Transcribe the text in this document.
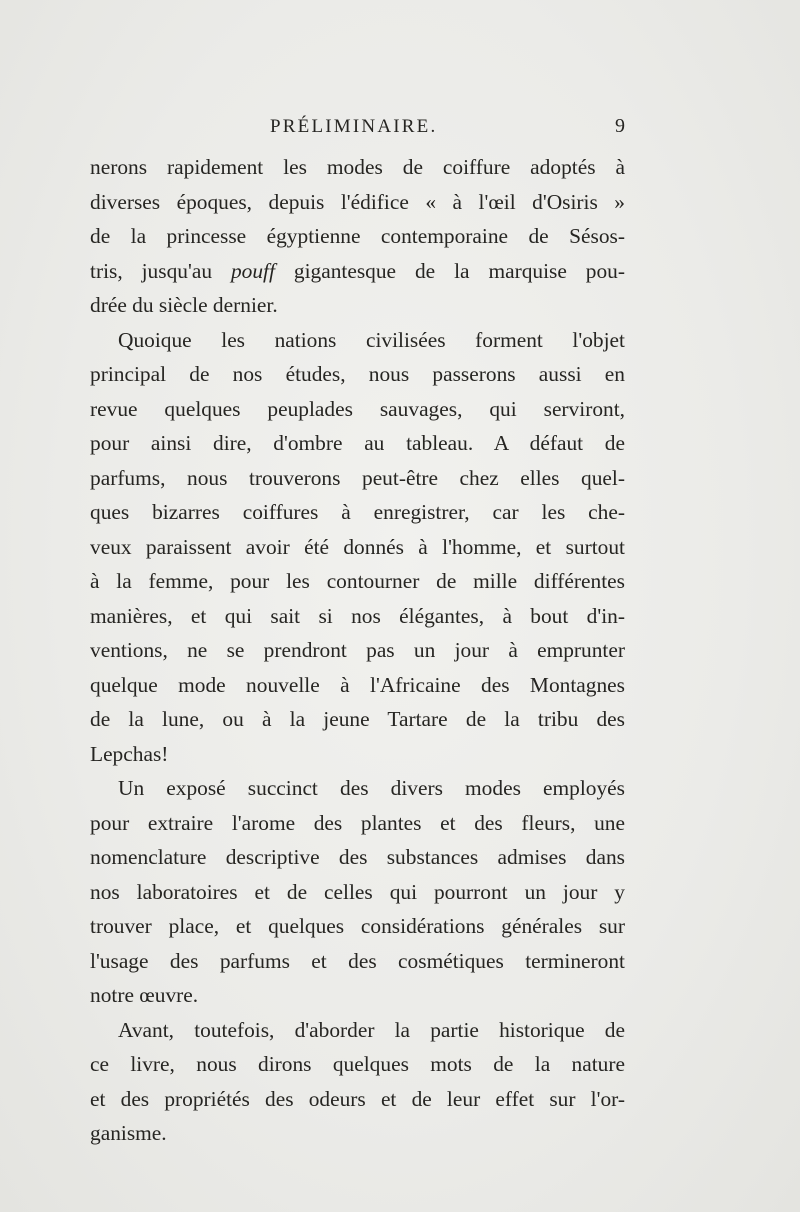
PRÉLIMINAIRE.	9
nerons rapidement les modes de coiffure adoptés à
diverses époques, depuis l'édifice « à l'œil d'Osiris »
de la princesse égyptienne contemporaine de Sésos-
tris, jusqu'au pouff gigantesque de la marquise pou-
drée du siècle dernier.
Quoique les nations civilisées forment l'objet
principal de nos études, nous passerons aussi en
revue quelques peuplades sauvages, qui serviront,
pour ainsi dire, d'ombre au tableau. A défaut de
parfums, nous trouverons peut-être chez elles quel-
ques bizarres coiffures à enregistrer, car les che-
veux paraissent avoir été donnés à l'homme, et surtout
à la femme, pour les contourner de mille différentes
manières, et qui sait si nos élégantes, à bout d'in-
ventions, ne se prendront pas un jour à emprunter
quelque mode nouvelle à l'Africaine des Montagnes
de la lune, ou à la jeune Tartare de la tribu des
Lepchas!
Un exposé succinct des divers modes employés
pour extraire l'arome des plantes et des fleurs, une
nomenclature descriptive des substances admises dans
nos laboratoires et de celles qui pourront un jour y
trouver place, et quelques considérations générales sur
l'usage des parfums et des cosmétiques termineront
notre œuvre.
Avant, toutefois, d'aborder la partie historique de
ce livre, nous dirons quelques mots de la nature
et des propriétés des odeurs et de leur effet sur l'or-
ganisme.
